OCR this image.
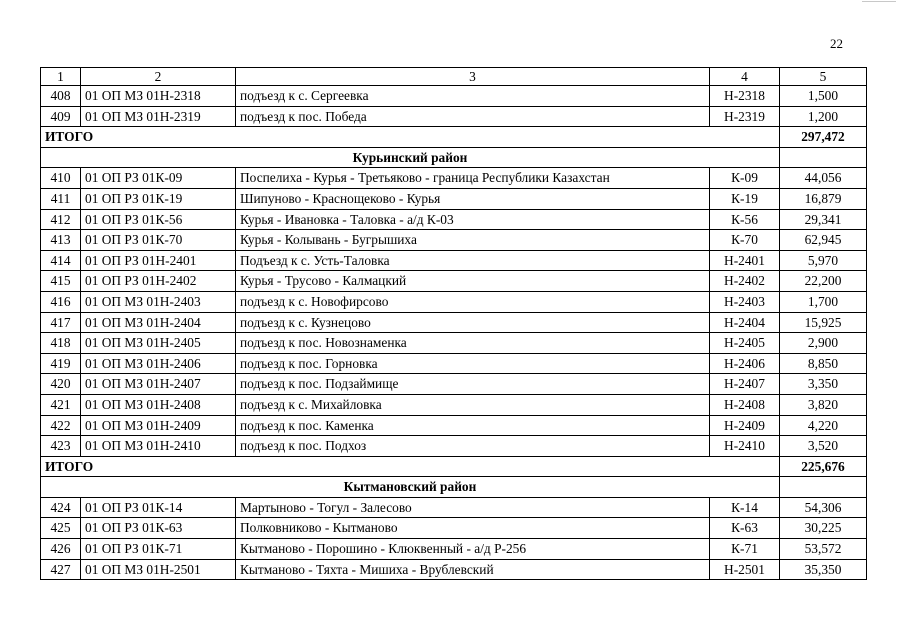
22
1	2	3	4	5
408	01 ОП МЗ 01Н-2318	подъезд к с. Сергеевка	Н-2318	1,500
409	01 ОП МЗ 01Н-2319	подъезд к пос. Победа	Н-2319	1,200
ИТОГО				297,472
Курьинский район				
410	01 ОП РЗ 01К-09	Поспелиха - Курья - Третьяково - граница Республики Казахстан	К-09	44,056
411	01 ОП РЗ 01К-19	Шипуново - Краснощеково - Курья	К-19	16,879
412	01 ОП РЗ 01К-56	Курья - Ивановка - Таловка - а/д К-03	К-56	29,341
413	01 ОП РЗ 01К-70	Курья - Колывань - Бугрышиха	К-70	62,945
414	01 ОП РЗ 01Н-2401	Подъезд к с. Усть-Таловка	Н-2401	5,970
415	01 ОП РЗ 01Н-2402	Курья - Трусово - Калмацкий	Н-2402	22,200
416	01 ОП МЗ 01Н-2403	подъезд к с. Новофирсово	Н-2403	1,700
417	01 ОП МЗ 01Н-2404	подъезд к с. Кузнецово	Н-2404	15,925
418	01 ОП МЗ 01Н-2405	подъезд к пос. Новознаменка	Н-2405	2,900
419	01 ОП МЗ 01Н-2406	подъезд к пос. Горновка	Н-2406	8,850
420	01 ОП МЗ 01Н-2407	подъезд к пос. Подзаймище	Н-2407	3,350
421	01 ОП МЗ 01Н-2408	подъезд к с. Михайловка	Н-2408	3,820
422	01 ОП МЗ 01Н-2409	подъезд к пос. Каменка	Н-2409	4,220
423	01 ОП МЗ 01Н-2410	подъезд к пос. Подхоз	Н-2410	3,520
ИТОГО				225,676
Кытмановский район				
424	01 ОП РЗ 01К-14	Мартыново - Тогул - Залесово	К-14	54,306
425	01 ОП РЗ 01К-63	Полковниково - Кытманово	К-63	30,225
426	01 ОП РЗ 01К-71	Кытманово - Порошино - Клюквенный - а/д Р-256	К-71	53,572
427	01 ОП МЗ 01Н-2501	Кытманово - Тяхта - Мишиха - Врублевский	Н-2501	35,350
